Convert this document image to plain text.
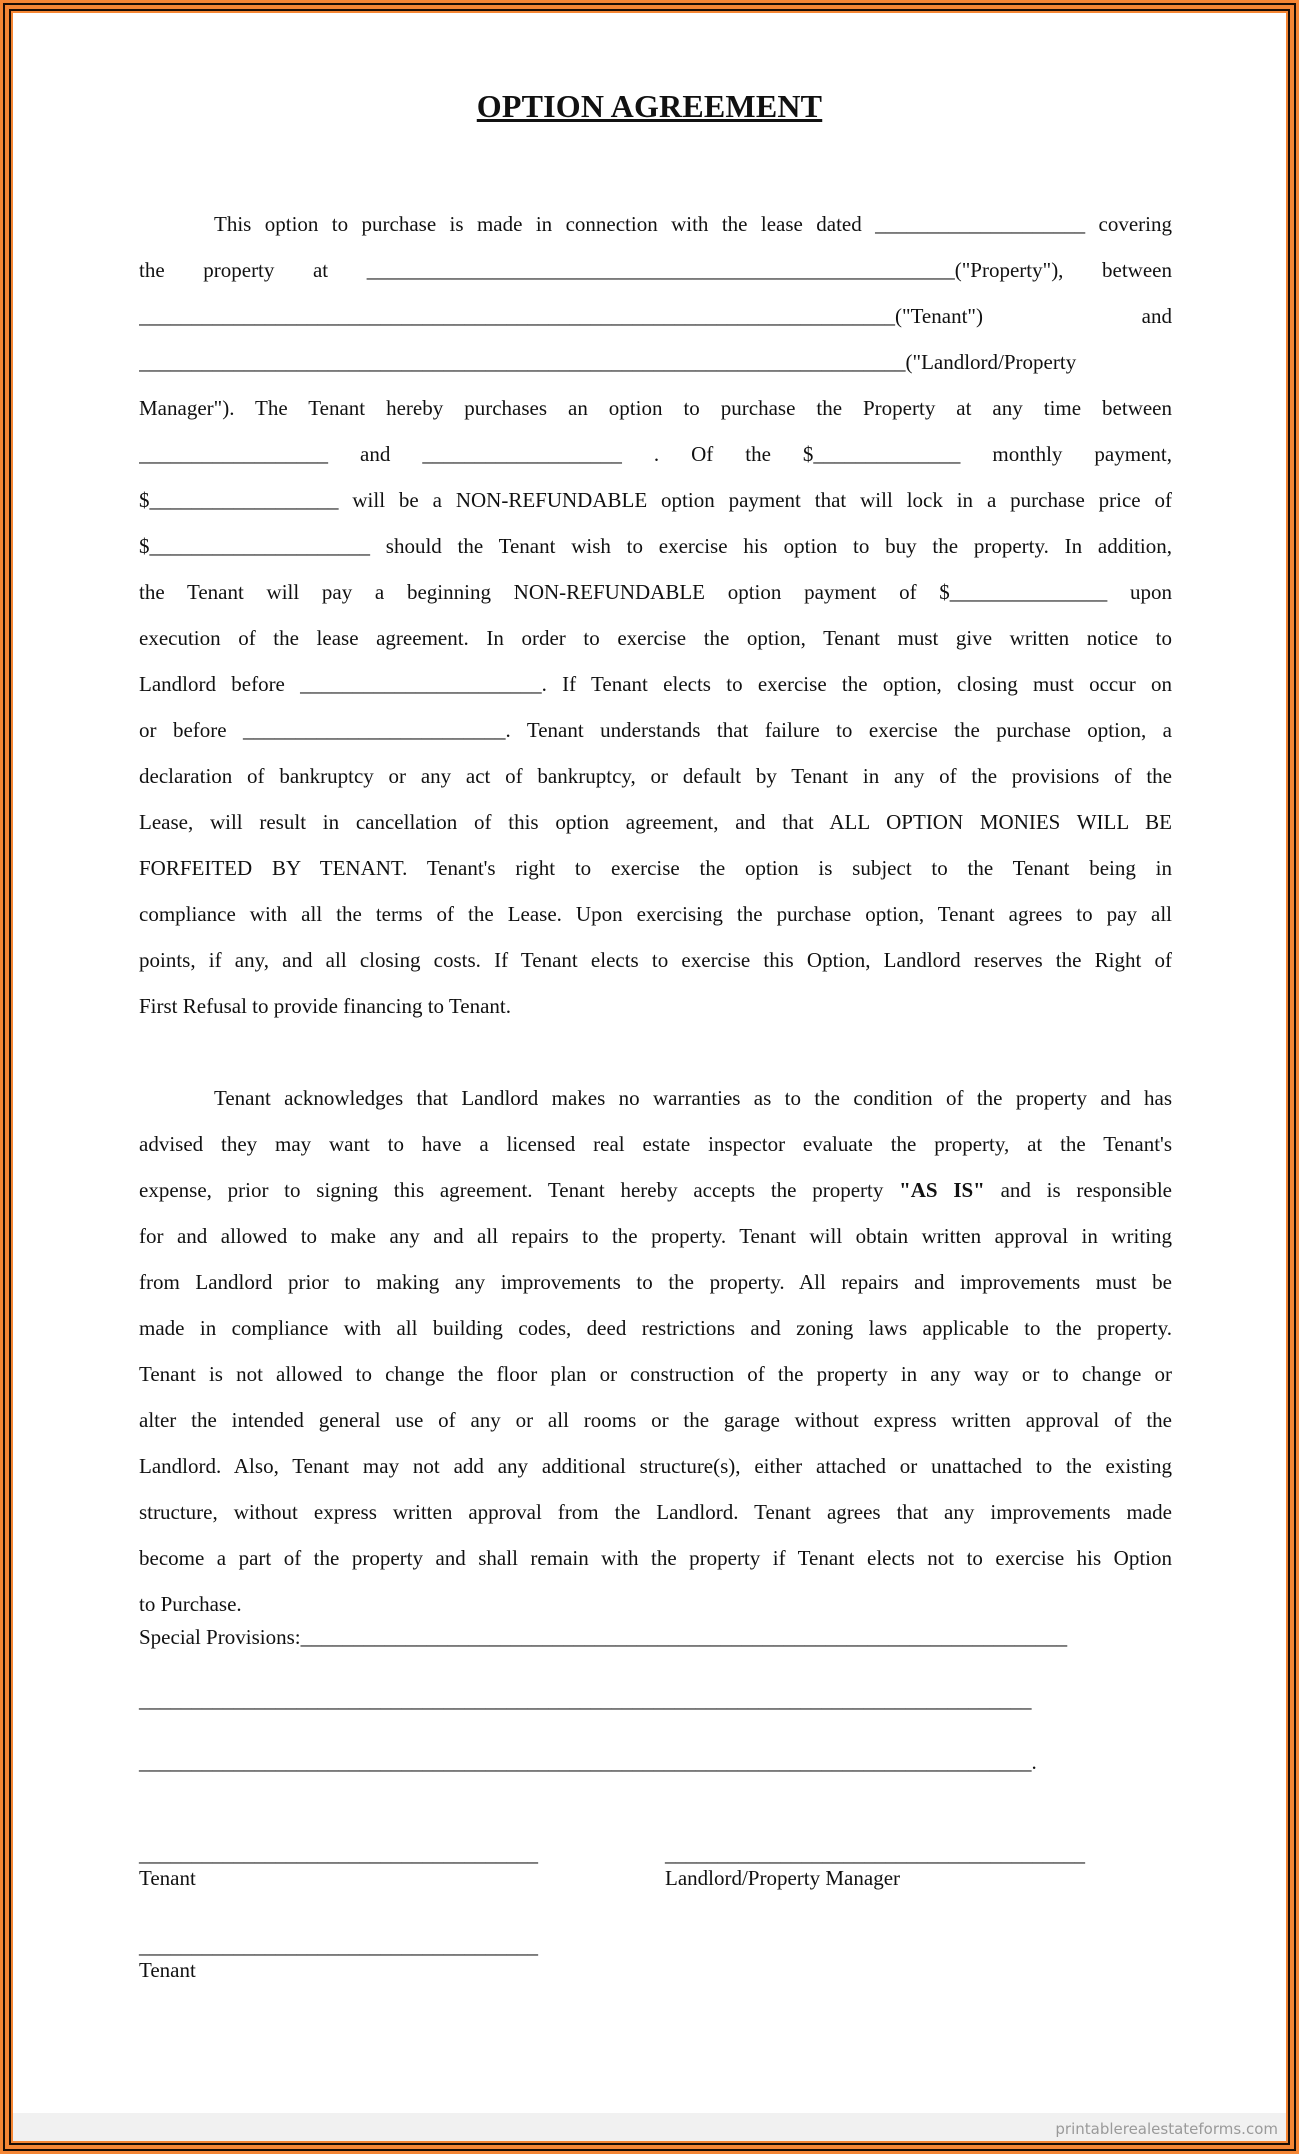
OPTION AGREEMENT
This option to purchase is made in connection with the lease dated ____________________ covering
the property at ________________________________________________________("Property"), between
________________________________________________________________________("Tenant") and
_________________________________________________________________________("Landlord/Property
Manager"). The Tenant hereby purchases an option to purchase the Property at any time between
__________________ and ___________________ . Of the $______________ monthly payment,
$__________________ will be a NON-REFUNDABLE option payment that will lock in a purchase price of
$_____________________ should the Tenant wish to exercise his option to buy the property. In addition,
the Tenant will pay a beginning NON-REFUNDABLE option payment of $_______________ upon
execution of the lease agreement. In order to exercise the option, Tenant must give written notice to
Landlord before _______________________. If Tenant elects to exercise the option, closing must occur on
or before _________________________. Tenant understands that failure to exercise the purchase option, a
declaration of bankruptcy or any act of bankruptcy, or default by Tenant in any of the provisions of the
Lease, will result in cancellation of this option agreement, and that ALL OPTION MONIES WILL BE
FORFEITED BY TENANT. Tenant's right to exercise the option is subject to the Tenant being in
compliance with all the terms of the Lease. Upon exercising the purchase option, Tenant agrees to pay all
points, if any, and all closing costs. If Tenant elects to exercise this Option, Landlord reserves the Right of
First Refusal to provide financing to Tenant.
Tenant acknowledges that Landlord makes no warranties as to the condition of the property and has
advised they may want to have a licensed real estate inspector evaluate the property, at the Tenant's
expense, prior to signing this agreement. Tenant hereby accepts the property "AS IS" and is responsible
for and allowed to make any and all repairs to the property. Tenant will obtain written approval in writing
from Landlord prior to making any improvements to the property. All repairs and improvements must be
made in compliance with all building codes, deed restrictions and zoning laws applicable to the property.
Tenant is not allowed to change the floor plan or construction of the property in any way or to change or
alter the intended general use of any or all rooms or the garage without express written approval of the
Landlord. Also, Tenant may not add any additional structure(s), either attached or unattached to the existing
structure, without express written approval from the Landlord. Tenant agrees that any improvements made
become a part of the property and shall remain with the property if Tenant elects not to exercise his Option
to Purchase.
Special Provisions:_________________________________________________________________________
_____________________________________________________________________________________
_____________________________________________________________________________________.
______________________________________
Tenant
________________________________________
Landlord/Property Manager
______________________________________
Tenant
printablerealestateforms.com
